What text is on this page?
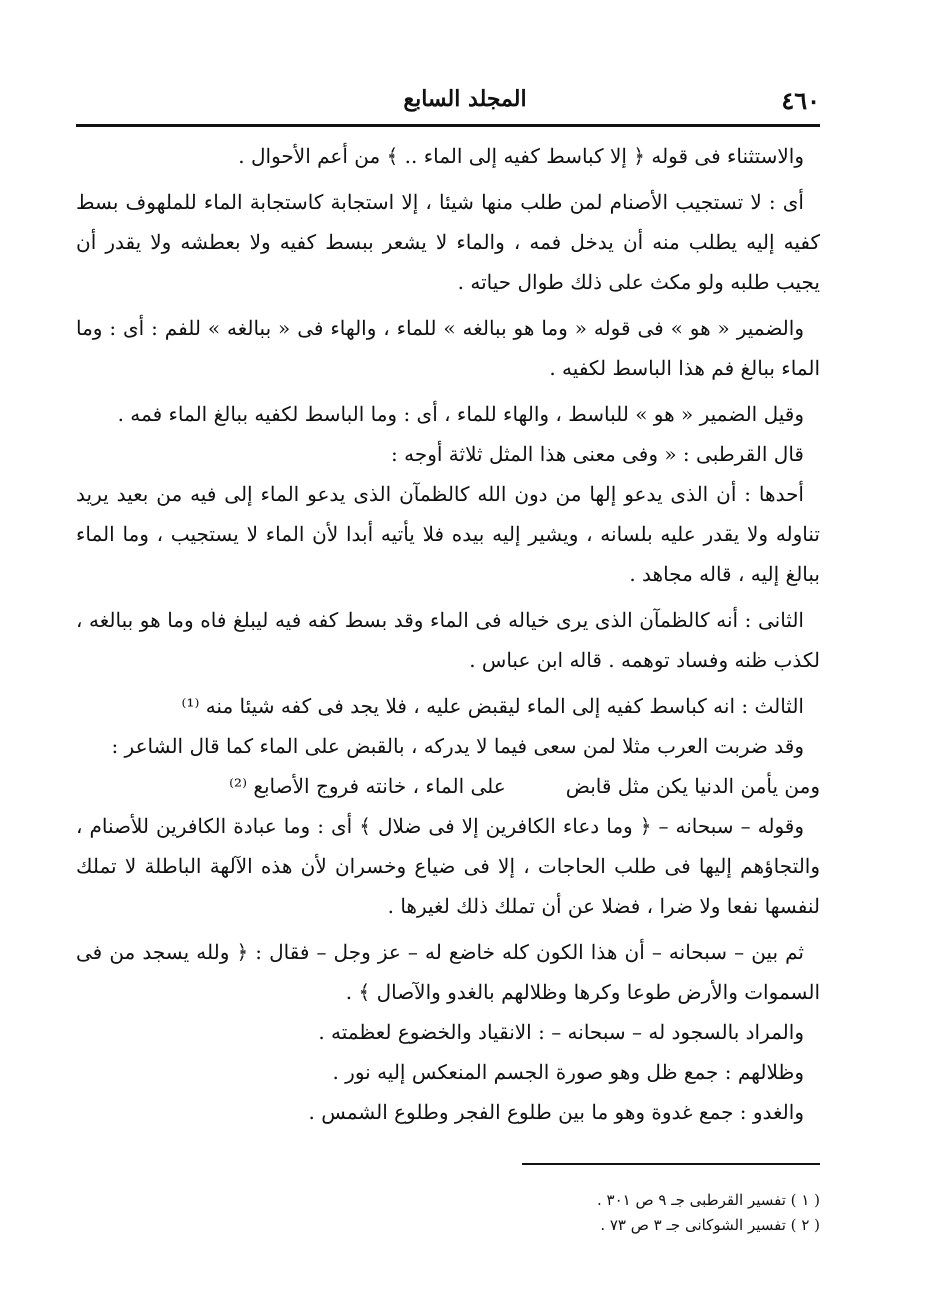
٤٦٠
المجلد السابع

والاستثناء فى قوله ﴿ إلا كباسط كفيه إلى الماء .. ﴾ من أعم الأحوال .

أى : لا تستجيب الأصنام لمن طلب منها شيئا ، إلا استجابة كاستجابة الماء للملهوف بسط كفيه إليه يطلب منه أن يدخل فمه ، والماء لا يشعر ببسط كفيه ولا بعطشه ولا يقدر أن يجيب طلبه ولو مكث على ذلك طوال حياته .

والضمير « هو » فى قوله « وما هو ببالغه » للماء ، والهاء فى « ببالغه » للفم : أى : وما الماء ببالغ فم هذا الباسط لكفيه .

وقيل الضمير « هو » للباسط ، والهاء للماء ، أى : وما الباسط لكفيه ببالغ الماء فمه .

قال القرطبى : « وفى معنى هذا المثل ثلاثة أوجه :

أحدها : أن الذى يدعو إلها من دون الله كالظمآن الذى يدعو الماء إلى فيه من بعيد يريد تناوله ولا يقدر عليه بلسانه ، ويشير إليه بيده فلا يأتيه أبدا لأن الماء لا يستجيب ، وما الماء ببالغ إليه ، قاله مجاهد .

الثانى : أنه كالظمآن الذى يرى خياله فى الماء وقد بسط كفه فيه ليبلغ فاه وما هو ببالغه ، لكذب ظنه وفساد توهمه . قاله ابن عباس .

الثالث : انه كباسط كفيه إلى الماء ليقبض عليه ، فلا يجد فى كفه شيئا منه ⁽¹⁾

وقد ضربت العرب مثلا لمن سعى فيما لا يدركه ، بالقبض على الماء كما قال الشاعر :

ومن يأمن الدنيا يكن مثل قابض
على الماء ، خانته فروج الأصابع ⁽²⁾

وقوله – سبحانه – ﴿ وما دعاء الكافرين إلا فى ضلال ﴾ أى : وما عبادة الكافرين للأصنام ، والتجاؤهم إليها فى طلب الحاجات ، إلا فى ضياع وخسران لأن هذه الآلهة الباطلة لا تملك لنفسها نفعا ولا ضرا ، فضلا عن أن تملك ذلك لغيرها .

ثم بين – سبحانه – أن هذا الكون كله خاضع له – عز وجل – فقال : ﴿ ولله يسجد من فى السموات والأرض طوعا وكرها وظلالهم بالغدو والآصال ﴾ .

والمراد بالسجود له – سبحانه – : الانقياد والخضوع لعظمته .

وظلالهم : جمع ظل وهو صورة الجسم المنعكس إليه نور .

والغدو : جمع غدوة وهو ما بين طلوع الفجر وطلوع الشمس .

( ١ ) تفسير القرطبى جـ ٩ ص ٣٠١ .
( ٢ ) تفسير الشوكانى جـ ٣ ص ٧٣ .
